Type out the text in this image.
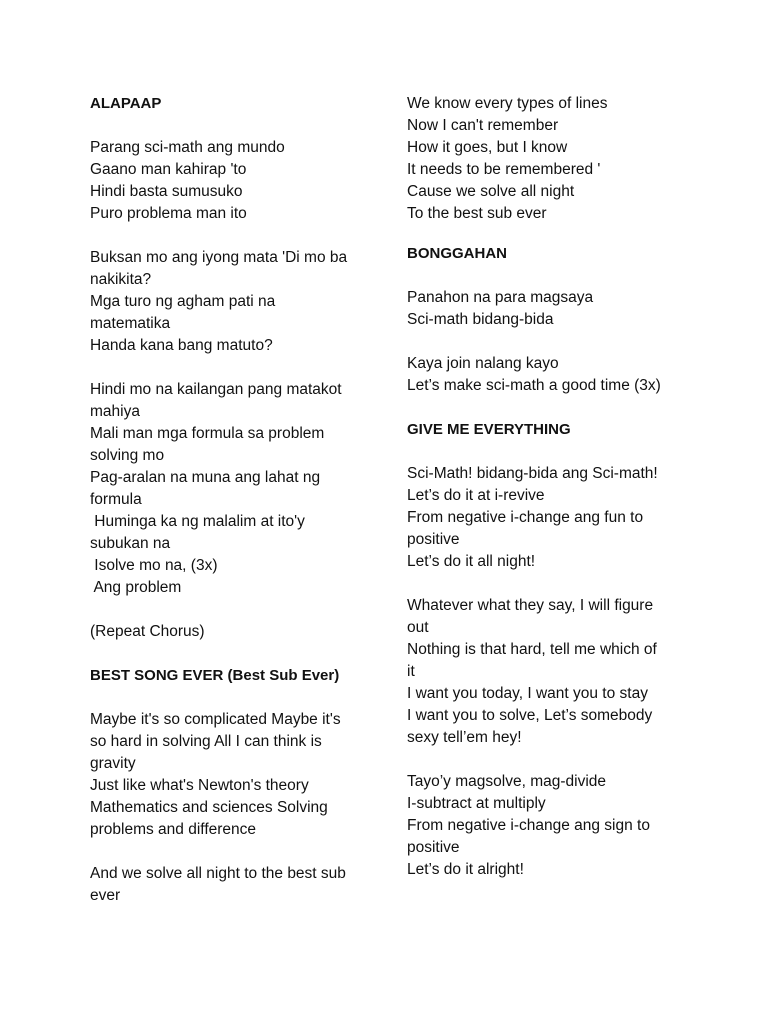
ALAPAAP
Parang sci-math ang mundo
Gaano man kahirap 'to
Hindi basta sumusuko
Puro problema man ito
Buksan mo ang iyong mata 'Di mo ba
nakikita?
Mga turo ng agham pati na
matematika
Handa kana bang matuto?
Hindi mo na kailangan pang matakot
mahiya
Mali man mga formula sa problem
solving mo
Pag-aralan na muna ang lahat ng
formula
Huminga ka ng malalim at ito'y
subukan na
Isolve mo na, (3x)
Ang problem
(Repeat Chorus)
BEST SONG EVER (Best Sub Ever)
Maybe it's so complicated Maybe it's
so hard in solving All I can think is
gravity
Just like what's Newton's theory
Mathematics and sciences Solving
problems and difference
And we solve all night to the best sub
ever
We know every types of lines
Now I can't remember
How it goes, but I know
It needs to be remembered '
Cause we solve all night
To the best sub ever
BONGGAHAN
Panahon na para magsaya
Sci-math bidang-bida
Kaya join nalang kayo
Let’s make sci-math a good time (3x)
GIVE ME EVERYTHING
Sci-Math! bidang-bida ang Sci-math!
Let’s do it at i-revive
From negative i-change ang fun to
positive
Let’s do it all night!
Whatever what they say, I will figure
out
Nothing is that hard, tell me which of
it
I want you today, I want you to stay
I want you to solve, Let’s somebody
sexy tell’em hey!
Tayo’y magsolve, mag-divide
I-subtract at multiply
From negative i-change ang sign to
positive
Let’s do it alright!
